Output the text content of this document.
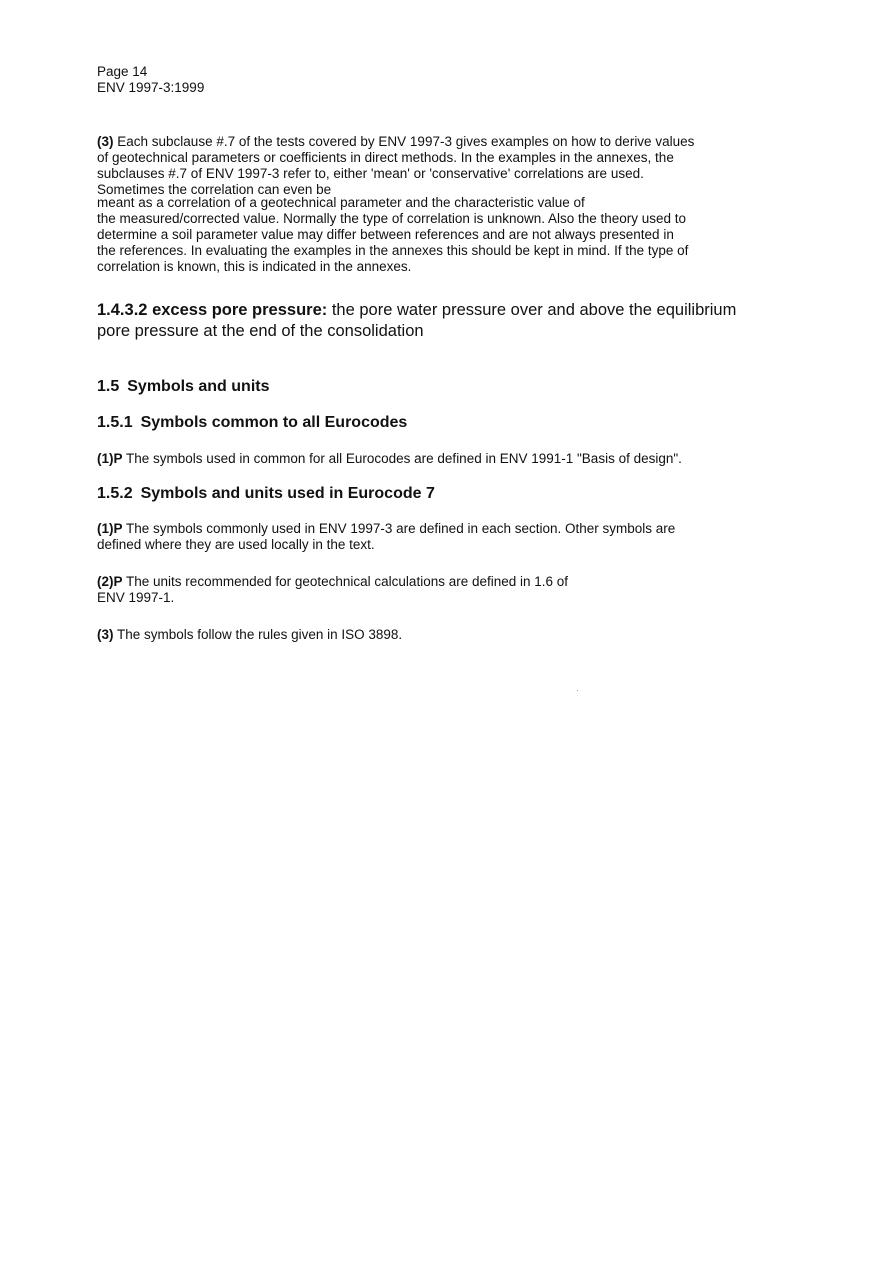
Page 14
ENV 1997-3:1999
(3) Each subclause #.7 of the tests covered by ENV 1997-3 gives examples on how to derive values
of geotechnical parameters or coefficients in direct methods. In the examples in the annexes, the
subclauses #.7 of ENV 1997-3 refer to, either 'mean' or 'conservative' correlations are used.
Sometimes the correlation can even be
meant as a correlation of a geotechnical parameter and the characteristic value of
the measured/corrected value. Normally the type of correlation is unknown. Also the theory used to
determine a soil parameter value may differ between references and are not always presented in
the references. In evaluating the examples in the annexes this should be kept in mind. If the type of
correlation is known, this is indicated in the annexes.
1.4.3.2 excess pore pressure: the pore water pressure over and above the equilibrium
pore pressure at the end of the consolidation
1.5 Symbols and units
1.5.1 Symbols common to all Eurocodes
(1)P The symbols used in common for all Eurocodes are defined in ENV 1991-1 "Basis of design".
1.5.2 Symbols and units used in Eurocode 7
(1)P The symbols commonly used in ENV 1997-3 are defined in each section. Other symbols are
defined where they are used locally in the text.
(2)P The units recommended for geotechnical calculations are defined in 1.6 of
ENV 1997-1.
(3) The symbols follow the rules given in ISO 3898.
